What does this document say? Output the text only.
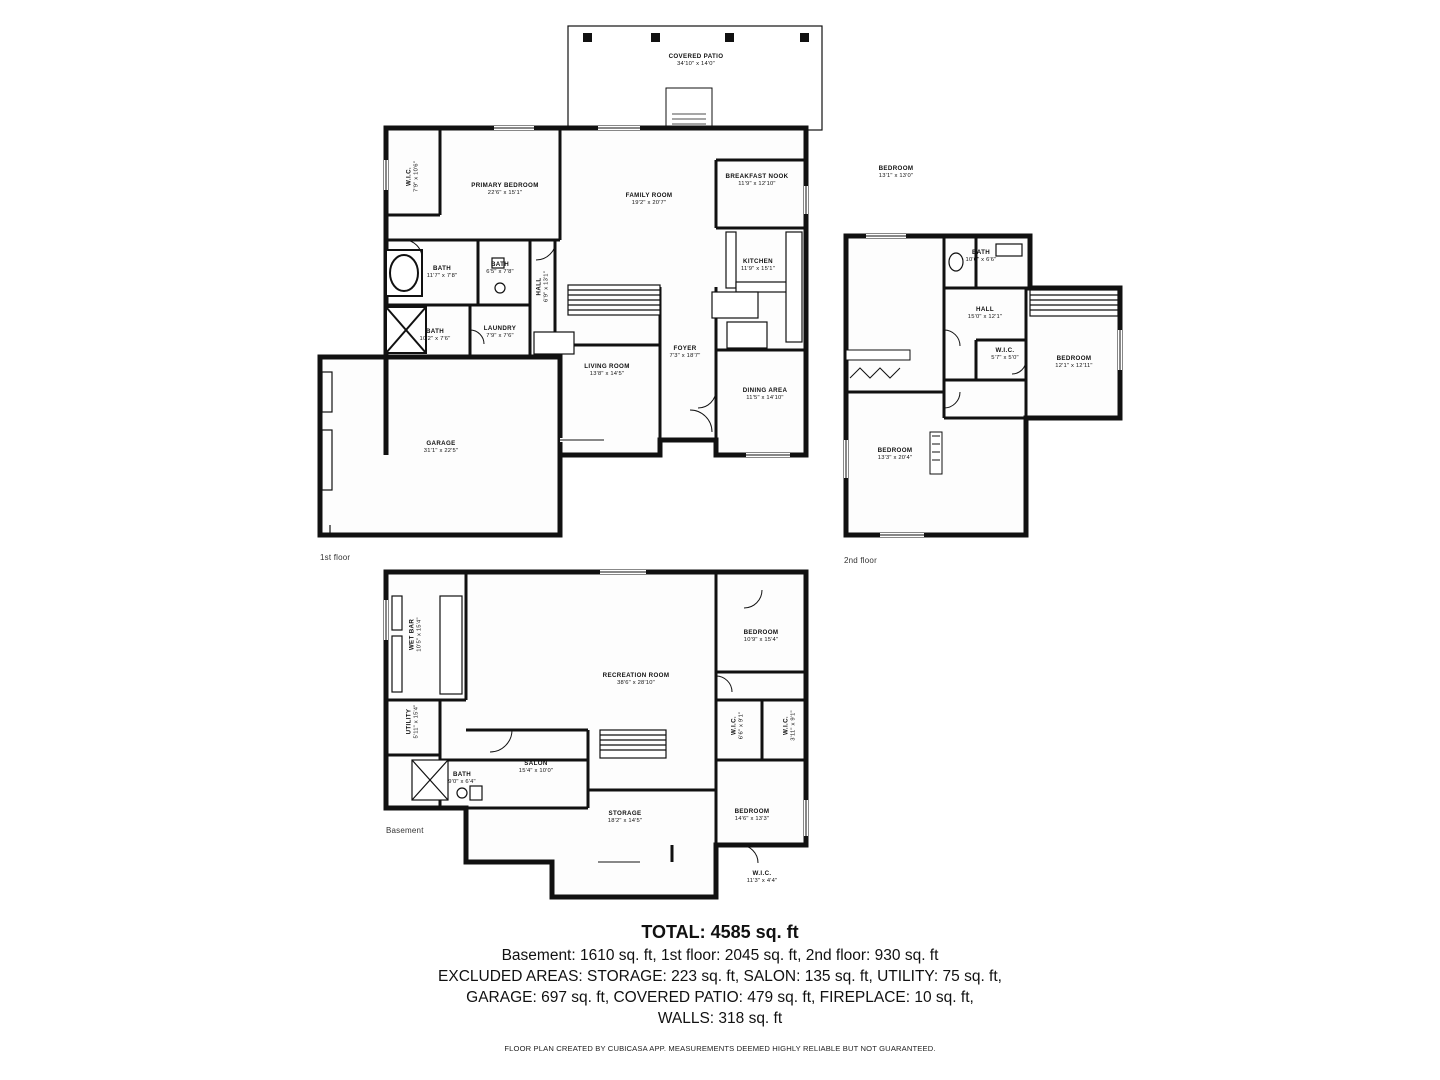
1st floor	2nd floor
Basement
COVERED PATIO
34'10" x 14'0"
W.I.C. 7'9" x 10'6"	PRIMARY BEDROOM
22'6" x 15'1"	FAMILY ROOM
19'2" x 20'7"
BREAKFAST NOOK
11'9" x 12'10"
KITCHEN
11'9" x 15'1"
BATH
11'7" x 7'8"
BATH
6'5" x 7'8"
HALL 6'9" x 13'1"
BATH
10'2" x 7'6"
LAUNDRY
7'9" x 7'6"
LIVING ROOM
13'8" x 14'5"
FOYER
7'3" x 18'7"
DINING AREA
11'5" x 14'10"
GARAGE
31'1" x 22'5"
BEDROOM
13'1" x 13'0"
BATH
10'6" x 6'6"
HALL
15'0" x 12'1"
W.I.C.
5'7" x 5'0"	BEDROOM
12'1" x 12'11"
BEDROOM
13'3" x 20'4"
WET BAR 10'5" x 15'4"	BEDROOM
10'9" x 15'4"
RECREATION ROOM
38'6" x 28'10"
UTILITY 5'11" x 15'4"	W.I.C. 6'6" x 9'1"	W.I.C. 3'11" x 9'1"
SALON
15'4" x 10'0"
BATH
9'0" x 6'4"
STORAGE
18'2" x 14'5"
BEDROOM
14'6" x 13'3"
W.I.C.
11'3" x 4'4"
TOTAL: 4585 sq. ft
Basement: 1610 sq. ft, 1st floor: 2045 sq. ft, 2nd floor: 930 sq. ft
EXCLUDED AREAS: STORAGE: 223 sq. ft, SALON: 135 sq. ft, UTILITY: 75 sq. ft,
GARAGE: 697 sq. ft, COVERED PATIO: 479 sq. ft, FIREPLACE: 10 sq. ft,
WALLS: 318 sq. ft
FLOOR PLAN CREATED BY CUBICASA APP. MEASUREMENTS DEEMED HIGHLY RELIABLE BUT NOT GUARANTEED.
